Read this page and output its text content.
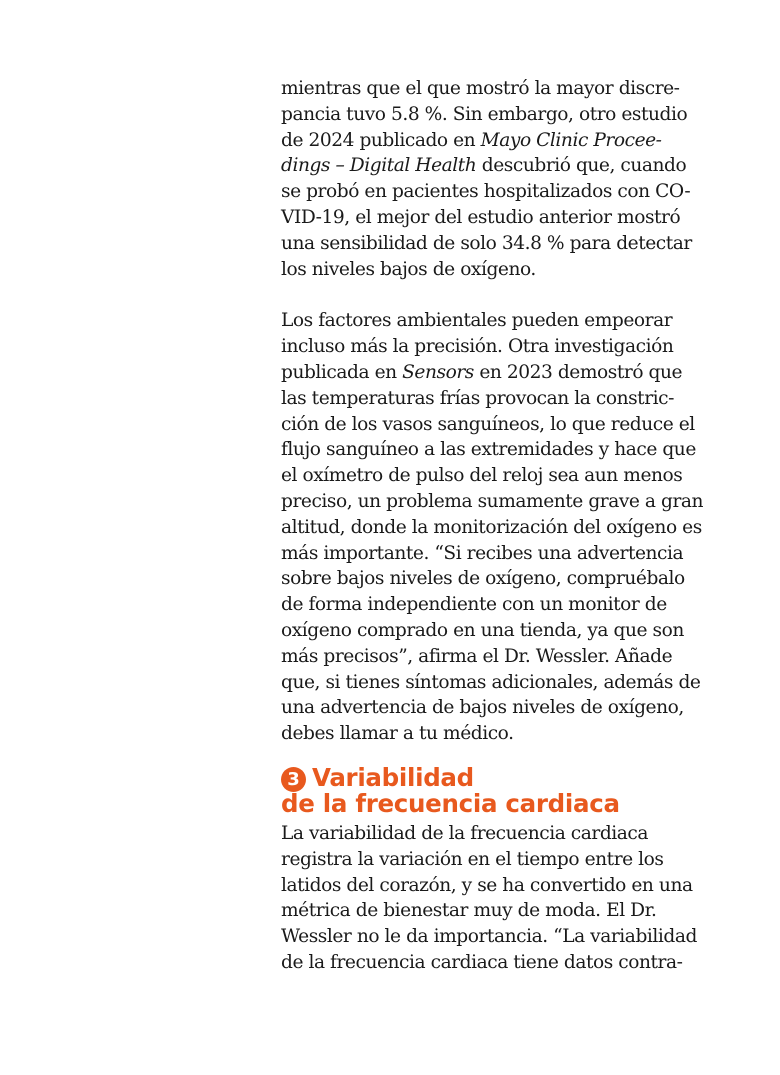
mientras que el que mostró la mayor discre-
pancia tuvo 5.8 %. Sin embargo, otro estudio
de 2024 publicado en Mayo Clinic Procee-
dings – Digital Health descubrió que, cuando
se probó en pacientes hospitalizados con CO-
VID-19, el mejor del estudio anterior mostró
una sensibilidad de solo 34.8 % para detectar
los niveles bajos de oxígeno.
Los factores ambientales pueden empeorar
incluso más la precisión. Otra investigación
publicada en Sensors en 2023 demostró que
las temperaturas frías provocan la constric-
ción de los vasos sanguíneos, lo que reduce el
flujo sanguíneo a las extremidades y hace que
el oxímetro de pulso del reloj sea aun menos
preciso, un problema sumamente grave a gran
altitud, donde la monitorización del oxígeno es
más importante. “Si recibes una advertencia
sobre bajos niveles de oxígeno, compruébalo
de forma independiente con un monitor de
oxígeno comprado en una tienda, ya que son
más precisos”, afirma el Dr. Wessler. Añade
que, si tienes síntomas adicionales, además de
una advertencia de bajos niveles de oxígeno,
debes llamar a tu médico.
3 Variabilidad
de la frecuencia cardiaca
La variabilidad de la frecuencia cardiaca
registra la variación en el tiempo entre los
latidos del corazón, y se ha convertido en una
métrica de bienestar muy de moda. El Dr.
Wessler no le da importancia. “La variabilidad
de la frecuencia cardiaca tiene datos contra-
